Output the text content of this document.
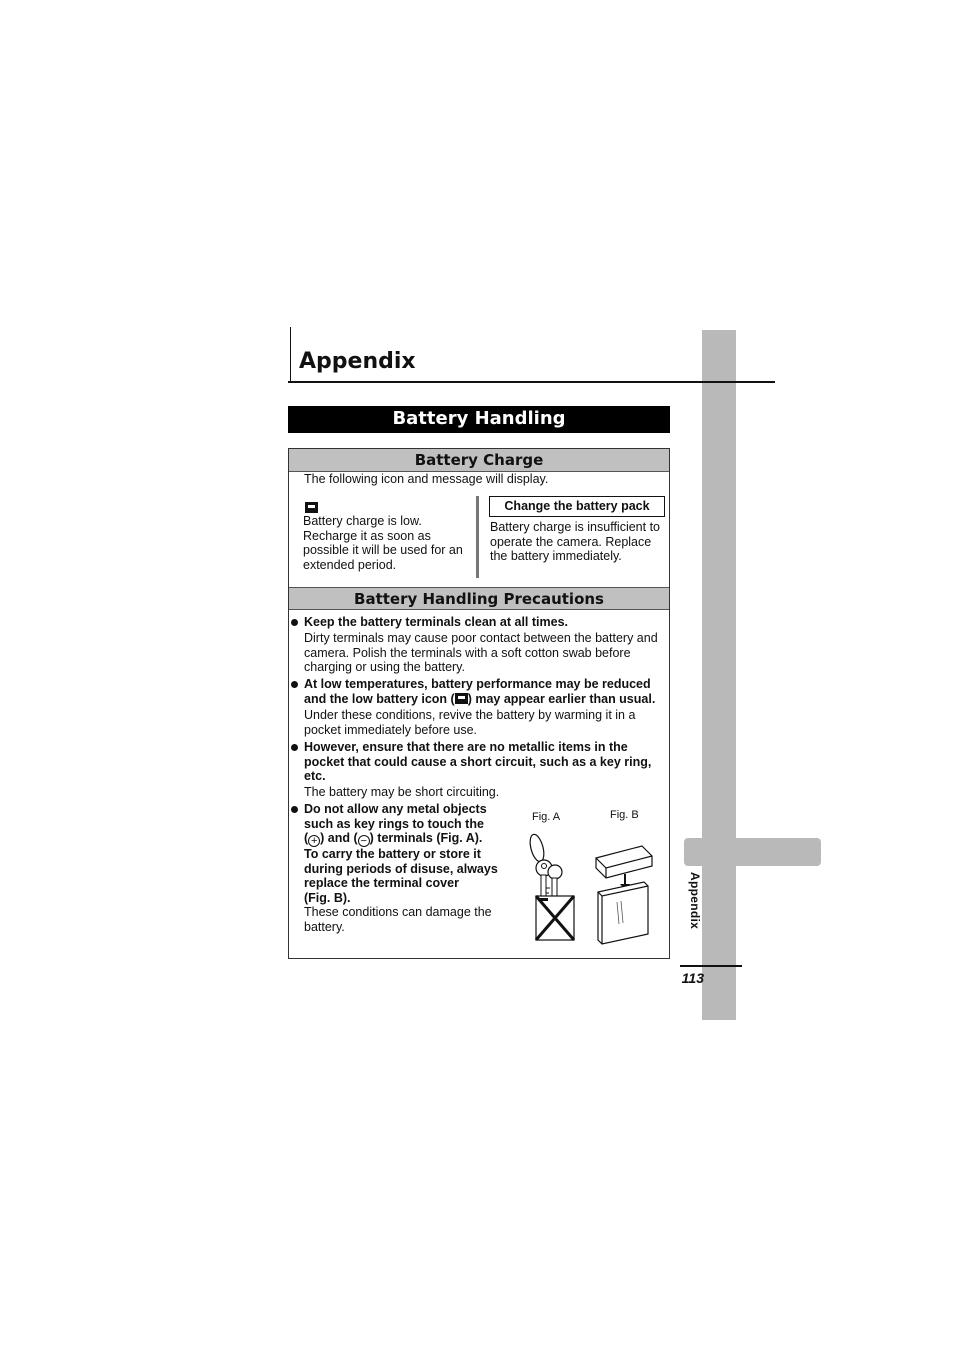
Appendix
113
Appendix
Battery Handling
Battery Charge
Battery Handling Precautions
The following icon and message will display.
Battery charge is low.
Recharge it as soon as
possible it will be used for an
extended period.
Change the battery pack
Battery charge is insufficient to
operate the camera. Replace
the battery immediately.
Keep the battery terminals clean at all times.
Dirty terminals may cause poor contact between the battery and
camera. Polish the terminals with a soft cotton swab before
charging or using the battery.
At low temperatures, battery performance may be reduced
and the low battery icon ( ) may appear earlier than usual.
Under these conditions, revive the battery by warming it in a
pocket immediately before use.
However, ensure that there are no metallic items in the
pocket that could cause a short circuit, such as a key ring,
etc.
The battery may be short circuiting.
Do not allow any metal objects
such as key rings to touch the
( + ) and ( − ) terminals (Fig. A).
To carry the battery or store it
during periods of disuse, always
replace the terminal cover
(Fig. B).
These conditions can damage the
battery.
Fig. A	Fig. B
